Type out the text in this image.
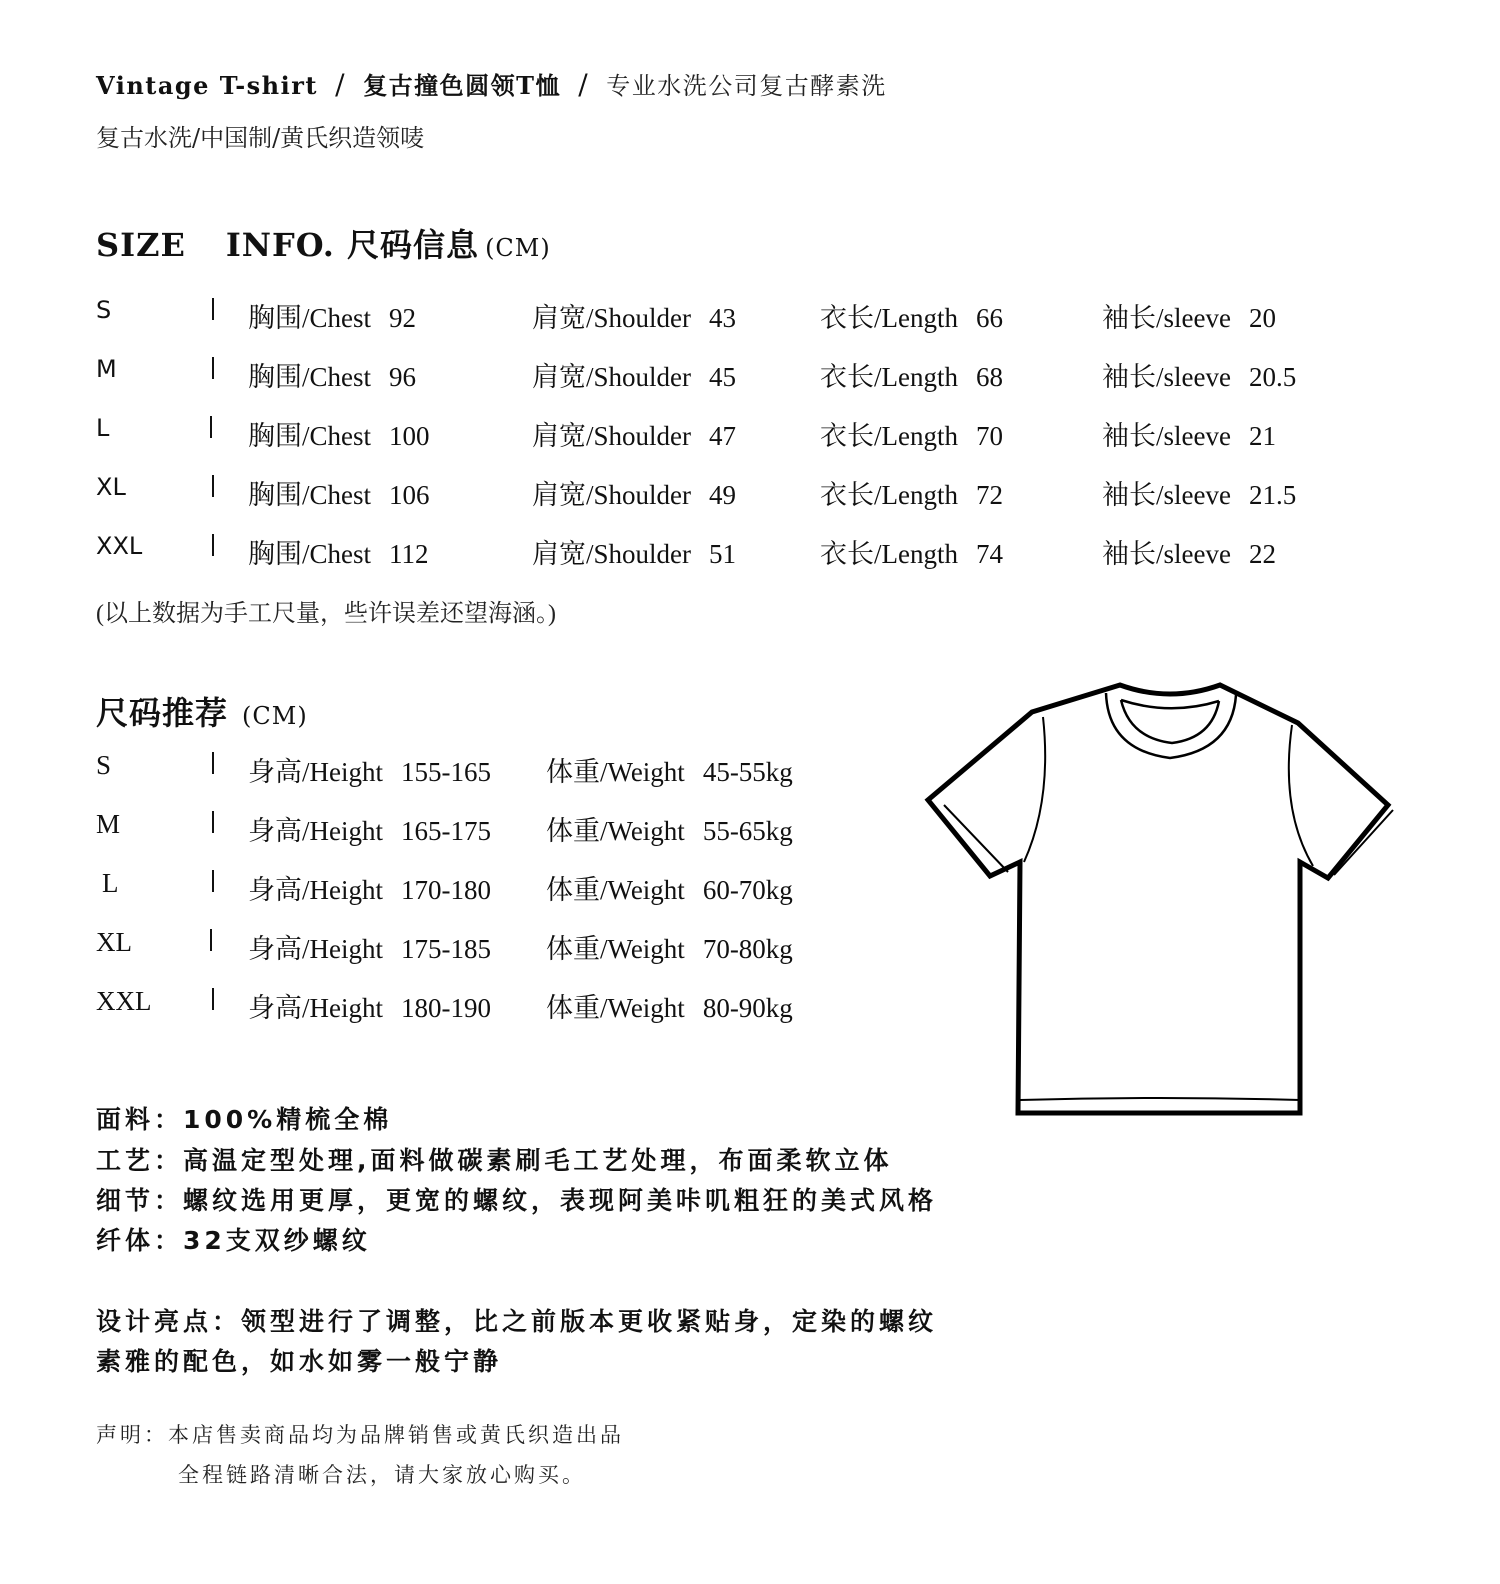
Vintage T-shirt / 复古撞色圆领T恤 / 专业水洗公司复古酵素洗
复古水洗/中国制/黄氏织造领唛
SIZE INFO. 尺码信息 (CM)
S	胸围/Chest 92	肩宽/Shoulder 43	衣长/Length 66	袖长/sleeve 20
M	胸围/Chest 96	肩宽/Shoulder 45	衣长/Length 68	袖长/sleeve 20.5
L	胸围/Chest 100	肩宽/Shoulder 47	衣长/Length 70	袖长/sleeve 21
XL	胸围/Chest 106	肩宽/Shoulder 49	衣长/Length 72	袖长/sleeve 21.5
XXL	胸围/Chest 112	肩宽/Shoulder 51	衣长/Length 74	袖长/sleeve 22
(以上数据为手工尺量，些许误差还望海涵。)
尺码推荐 (CM)
S	身高/Height 155-165 体重/Weight 45-55kg
M	身高/Height 165-175 体重/Weight 55-65kg
L	身高/Height 170-180 体重/Weight 60-70kg
XL	身高/Height 175-185 体重/Weight 70-80kg
XXL	身高/Height 180-190 体重/Weight 80-90kg
面料：100%精梳全棉
工艺：高温定型处理,面料做碳素刷毛工艺处理，布面柔软立体
细节：螺纹选用更厚，更宽的螺纹，表现阿美咔叽粗狂的美式风格
纤体：32支双纱螺纹
设计亮点：领型进行了调整，比之前版本更收紧贴身，定染的螺纹
素雅的配色，如水如雾一般宁静
声明：本店售卖商品均为品牌销售或黄氏织造出品
全程链路清晰合法，请大家放心购买。
